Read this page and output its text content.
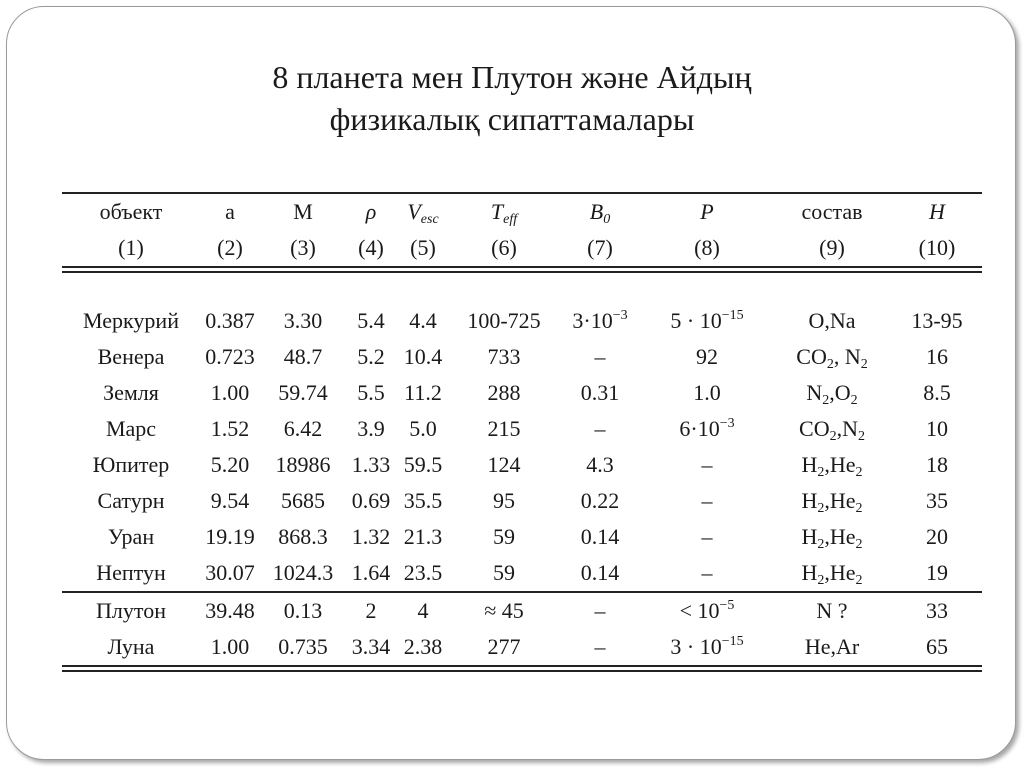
8 планета мен Плутон және Айдың
физикалық сипаттамалары
объект	a	M	ρ	$V_{esc}$	$T_{eff}$	$B_0$	P	состав	H
(1)	(2)	(3)	(4)	(5)	(6)	(7)	(8)	(9)	(10)

Меркурий	0.387	3.30	5.4	4.4	100-725	$3\cdot 10^{-3}$	$5 \cdot 10^{-15}$	O,Na	13-95
Венера	0.723	48.7	5.2	10.4	733	–	92	$CO_2$, $N_2$	16
Земля	1.00	59.74	5.5	11.2	288	0.31	1.0	$N_2,O_2$	8.5
Марс	1.52	6.42	3.9	5.0	215	–	$6\cdot 10^{-3}$	$CO_2,N_2$	10
Юпитер	5.20	18986	1.33	59.5	124	4.3	–	$H_2,He_2$	18
Сатурн	9.54	5685	0.69	35.5	95	0.22	–	$H_2,He_2$	35
Уран	19.19	868.3	1.32	21.3	59	0.14	–	$H_2,He_2$	20
Нептун	30.07	1024.3	1.64	23.5	59	0.14	–	$H_2,He_2$	19

Плутон	39.48	0.13	2	4	≈ 45	–	< $10^{-5}$	N ?	33
Луна	1.00	0.735	3.34	2.38	277	–	$3 \cdot 10^{-15}$	He,Ar	65
